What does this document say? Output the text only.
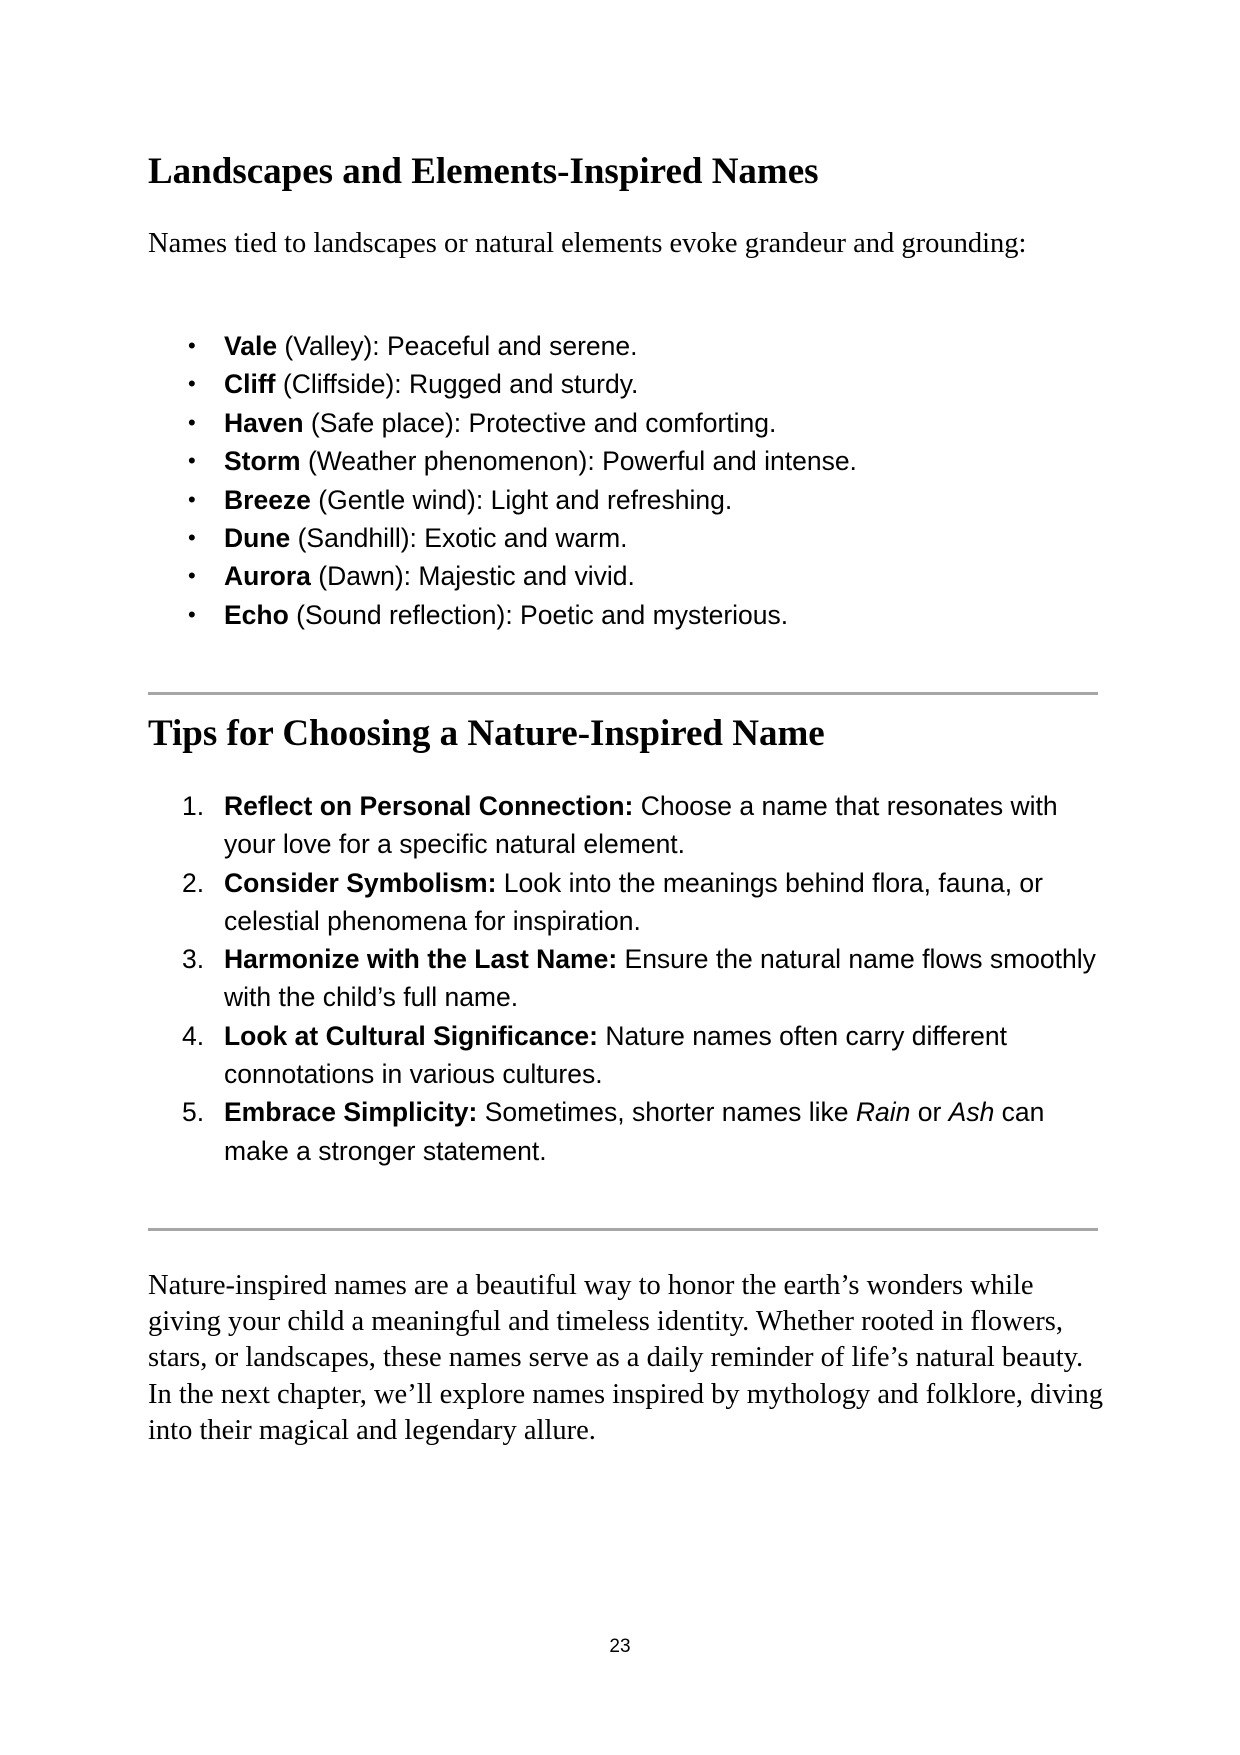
Landscapes and Elements-Inspired Names

Names tied to landscapes or natural elements evoke grandeur and grounding:

• Vale (Valley): Peaceful and serene.
• Cliff (Cliffside): Rugged and sturdy.
• Haven (Safe place): Protective and comforting.
• Storm (Weather phenomenon): Powerful and intense.
• Breeze (Gentle wind): Light and refreshing.
• Dune (Sandhill): Exotic and warm.
• Aurora (Dawn): Majestic and vivid.
• Echo (Sound reflection): Poetic and mysterious.
Tips for Choosing a Nature-Inspired Name
1. Reflect on Personal Connection: Choose a name that resonates with your love for a specific natural element.
2. Consider Symbolism: Look into the meanings behind flora, fauna, or celestial phenomena for inspiration.
3. Harmonize with the Last Name: Ensure the natural name flows smoothly with the child’s full name.
4. Look at Cultural Significance: Nature names often carry different connotations in various cultures.
5. Embrace Simplicity: Sometimes, shorter names like Rain or Ash can make a stronger statement.

Nature-inspired names are a beautiful way to honor the earth’s wonders while giving your child a meaningful and timeless identity. Whether rooted in flowers, stars, or landscapes, these names serve as a daily reminder of life’s natural beauty. In the next chapter, we’ll explore names inspired by mythology and folklore, diving into their magical and legendary allure.

23
